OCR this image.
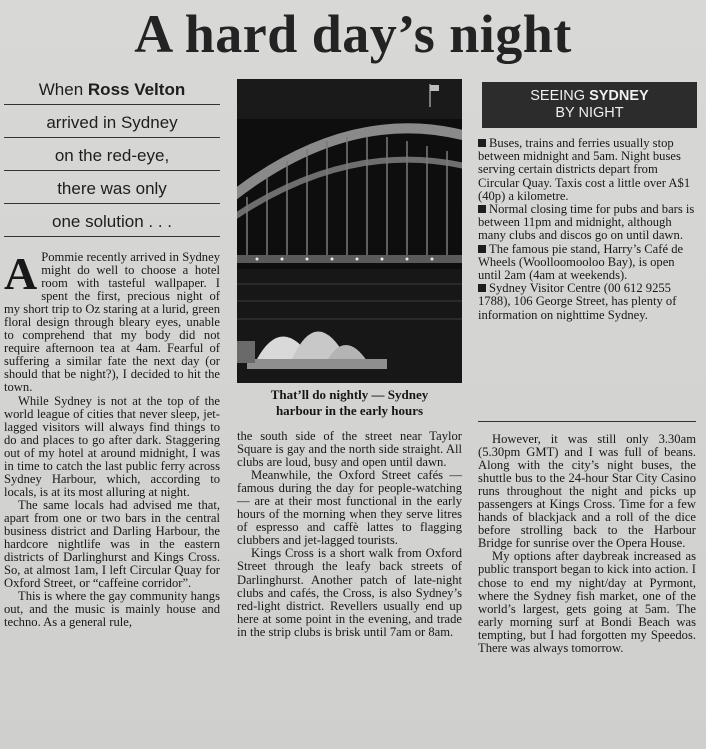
A hard day’s night
When Ross Velton
arrived in Sydney
on the red-eye,
there was only
one solution . . .

A Pommie recently arrived in Sydney might do well to choose a hotel room with tasteful wallpaper. I spent the first, precious night of my short trip to Oz staring at a lurid, green floral design through bleary eyes, unable to comprehend that my body did not require afternoon tea at 4am. Fearful of suffering a similar fate the next day (or should that be night?), I decided to hit the town.

While Sydney is not at the top of the world league of cities that never sleep, jet-lagged visitors will always find things to do and places to go after dark. Staggering out of my hotel at around midnight, I was in time to catch the last public ferry across Sydney Harbour, which, according to locals, is at its most alluring at night.

The same locals had advised me that, apart from one or two bars in the central business district and Darling Harbour, the hardcore nightlife was in the eastern districts of Darlinghurst and Kings Cross. So, at almost 1am, I left Circular Quay for Oxford Street, or “caffeine corridor”.

This is where the gay community hangs out, and the music is mainly house and techno. As a general rule,

That’ll do nightly — Sydney
harbour in the early hours

the south side of the street near Taylor Square is gay and the north side straight. All clubs are loud, busy and open until dawn.

Meanwhile, the Oxford Street cafés — famous during the day for people-watching — are at their most functional in the early hours of the morning when they serve litres of espresso and caffè lattes to flagging clubbers and jet-lagged tourists.

Kings Cross is a short walk from Oxford Street through the leafy back streets of Darlinghurst. Another patch of late-night clubs and cafés, the Cross, is also Sydney’s red-light district. Revellers usually end up here at some point in the evening, and trade in the strip clubs is brisk until 7am or 8am.

SEEING SYDNEY
BY NIGHT

Buses, trains and ferries usually stop between midnight and 5am. Night buses serving certain districts depart from Circular Quay. Taxis cost a little over A$1 (40p) a kilometre.

Normal closing time for pubs and bars is between 11pm and midnight, although many clubs and discos go on until dawn.

The famous pie stand, Harry’s Café de Wheels (Woolloomooloo Bay), is open until 2am (4am at weekends).

Sydney Visitor Centre (00 612 9255 1788), 106 George Street, has plenty of information on nighttime Sydney.

However, it was still only 3.30am (5.30pm GMT) and I was full of beans. Along with the city’s night buses, the shuttle bus to the 24-hour Star City Casino runs throughout the night and picks up passengers at Kings Cross. Time for a few hands of blackjack and a roll of the dice before strolling back to the Harbour Bridge for sunrise over the Opera House.

My options after daybreak increased as public transport began to kick into action. I chose to end my night/day at Pyrmont, where the Sydney fish market, one of the world’s largest, gets going at 5am. The early morning surf at Bondi Beach was tempting, but I had forgotten my Speedos. There was always tomorrow.
